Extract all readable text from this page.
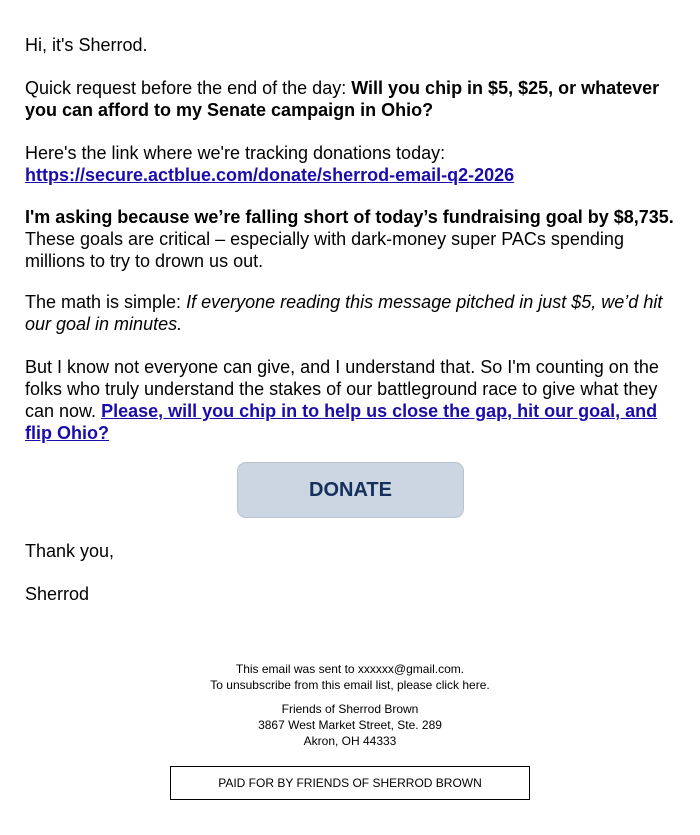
Hi, it's Sherrod.

Quick request before the end of the day: Will you chip in $5, $25, or whatever you can afford to my Senate campaign in Ohio?

Here's the link where we're tracking donations today:
https://secure.actblue.com/donate/sherrod-email-q2-2026

I'm asking because we’re falling short of today’s fundraising goal by $8,735. These goals are critical – especially with dark-money super PACs spending millions to try to drown us out.

The math is simple: If everyone reading this message pitched in just $5, we’d hit our goal in minutes.

But I know not everyone can give, and I understand that. So I'm counting on the folks who truly understand the stakes of our battleground race to give what they can now. Please, will you chip in to help us close the gap, hit our goal, and flip Ohio?

Thank you,

Sherrod

DONATE
This email was sent to xxxxxx@gmail.com.
To unsubscribe from this email list, please click here.
Friends of Sherrod Brown
3867 West Market Street, Ste. 289
Akron, OH 44333
PAID FOR BY FRIENDS OF SHERROD BROWN
